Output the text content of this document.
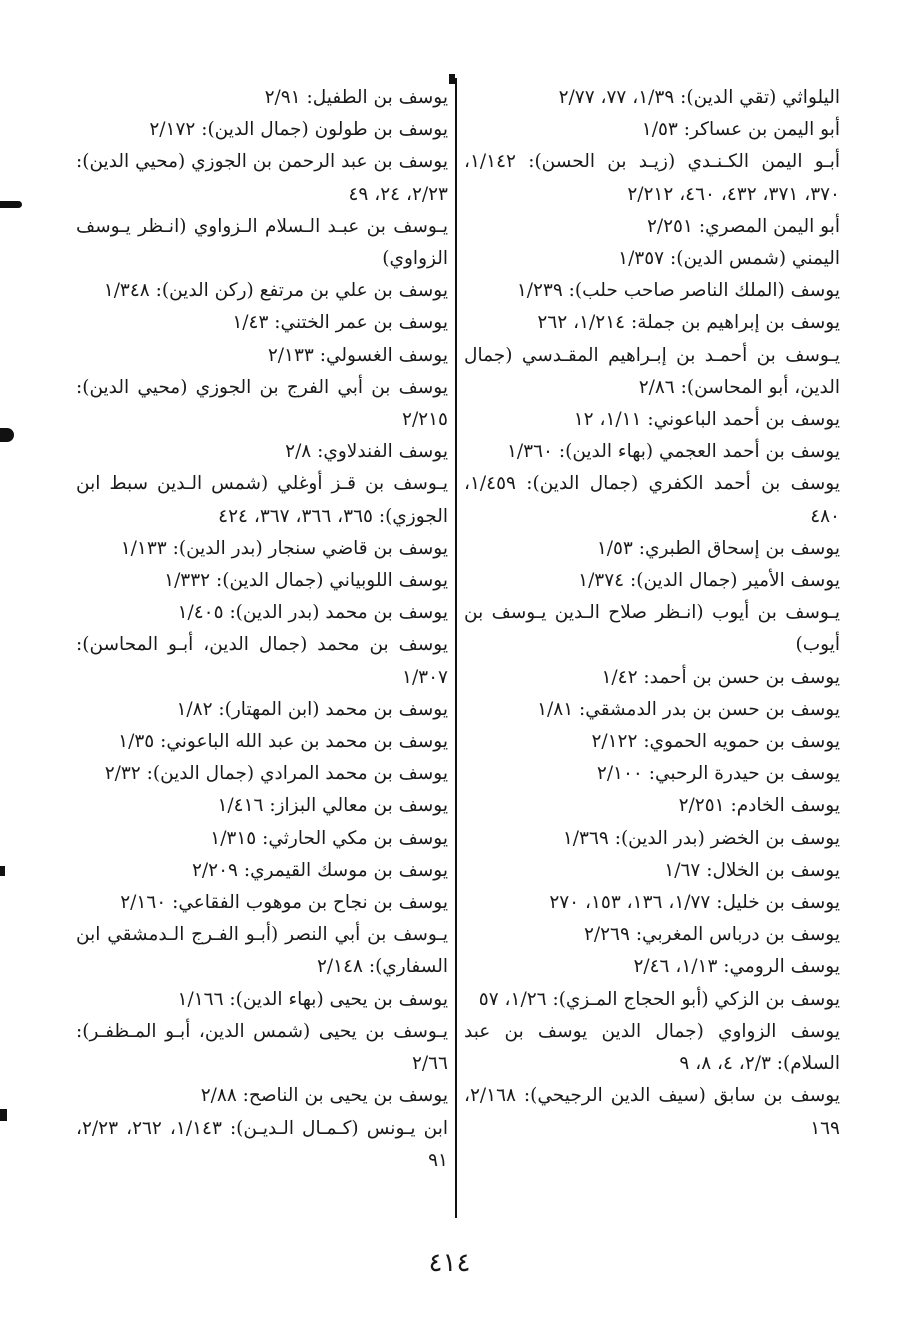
اليلواثي (تقي الدين): ١/٣٩، ٧٧، ٢/٧٧
أبو اليمن بن عساكر: ١/٥٣
أبـو اليمن الكـنـدي (زيـد بن الحسن): ١/١٤٢، ٣٧٠، ٣٧١، ٤٣٢، ٤٦٠، ٢/٢١٢
أبو اليمن المصري: ٢/٢٥١
اليمني (شمس الدين): ١/٣٥٧
يوسف (الملك الناصر صاحب حلب): ١/٢٣٩
يوسف بن إبراهيم بن جملة: ١/٢١٤، ٢٦٢
يـوسف بن أحمـد بن إبـراهيم المقـدسي (جمال الدين، أبو المحاسن): ٢/٨٦
يوسف بن أحمد الباعوني: ١/١١، ١٢
يوسف بن أحمد العجمي (بهاء الدين): ١/٣٦٠
يوسف بن أحمد الكفري (جمال الدين): ١/٤٥٩، ٤٨٠
يوسف بن إسحاق الطبري: ١/٥٣
يوسف الأمير (جمال الدين): ١/٣٧٤
يـوسف بن أيوب (انـظر صلاح الـدين يـوسف بن أيوب)
يوسف بن حسن بن أحمد: ١/٤٢
يوسف بن حسن بن بدر الدمشقي: ١/٨١
يوسف بن حمويه الحموي: ٢/١٢٢
يوسف بن حيدرة الرحبي: ٢/١٠٠
يوسف الخادم: ٢/٢٥١
يوسف بن الخضر (بدر الدين): ١/٣٦٩
يوسف بن الخلال: ١/٦٧
يوسف بن خليل: ١/٧٧، ١٣٦، ١٥٣، ٢٧٠
يوسف بن درباس المغربي: ٢/٢٦٩
يوسف الرومي: ١/١٣، ٢/٤٦
يوسف بن الزكي (أبو الحجاج المـزي): ١/٢٦، ٥٧
يوسف الزواوي (جمال الدين يوسف بن عبد السلام): ٢/٣، ٤، ٨، ٩
يوسف بن سابق (سيف الدين الرجيحي): ٢/١٦٨، ١٦٩
يوسف بن الطفيل: ٢/٩١
يوسف بن طولون (جمال الدين): ٢/١٧٢
يوسف بن عبد الرحمن بن الجوزي (محيي الدين): ٢/٢٣، ٢٤، ٤٩
يـوسف بن عبـد الـسلام الـزواوي (انـظر يـوسف الزواوي)
يوسف بن علي بن مرتفع (ركن الدين): ١/٣٤٨
يوسف بن عمر الختني: ١/٤٣
يوسف الغسولي: ٢/١٣٣
يوسف بن أبي الفرج بن الجوزي (محيي الدين): ٢/٢١٥
يوسف الفندلاوي: ٢/٨
يـوسف بن قـز أوغلي (شمس الـدين سبط ابن الجوزي): ٣٦٥، ٣٦٦، ٣٦٧، ٤٢٤
يوسف بن قاضي سنجار (بدر الدين): ١/١٣٣
يوسف اللوبياني (جمال الدين): ١/٣٣٢
يوسف بن محمد (بدر الدين): ١/٤٠٥
يوسف بن محمد (جمال الدين، أبـو المحاسن): ١/٣٠٧
يوسف بن محمد (ابن المهتار): ١/٨٢
يوسف بن محمد بن عبد الله الباعوني: ١/٣٥
يوسف بن محمد المرادي (جمال الدين): ٢/٣٢
يوسف بن معالي البزاز: ١/٤١٦
يوسف بن مكي الحارثي: ١/٣١٥
يوسف بن موسك القيمري: ٢/٢٠٩
يوسف بن نجاح بن موهوب الفقاعي: ٢/١٦٠
يـوسف بن أبي النصر (أبـو الفـرج الـدمشقي ابن السفاري): ٢/١٤٨
يوسف بن يحيى (بهاء الدين): ١/١٦٦
يـوسف بن يحيى (شمس الدين، أبـو المـظفـر): ٢/٦٦
يوسف بن يحيى بن الناصح: ٢/٨٨
ابن يـونس (كـمـال الـديـن): ١/١٤٣، ٢٦٢، ٢/٢٣، ٩١
٤١٤
